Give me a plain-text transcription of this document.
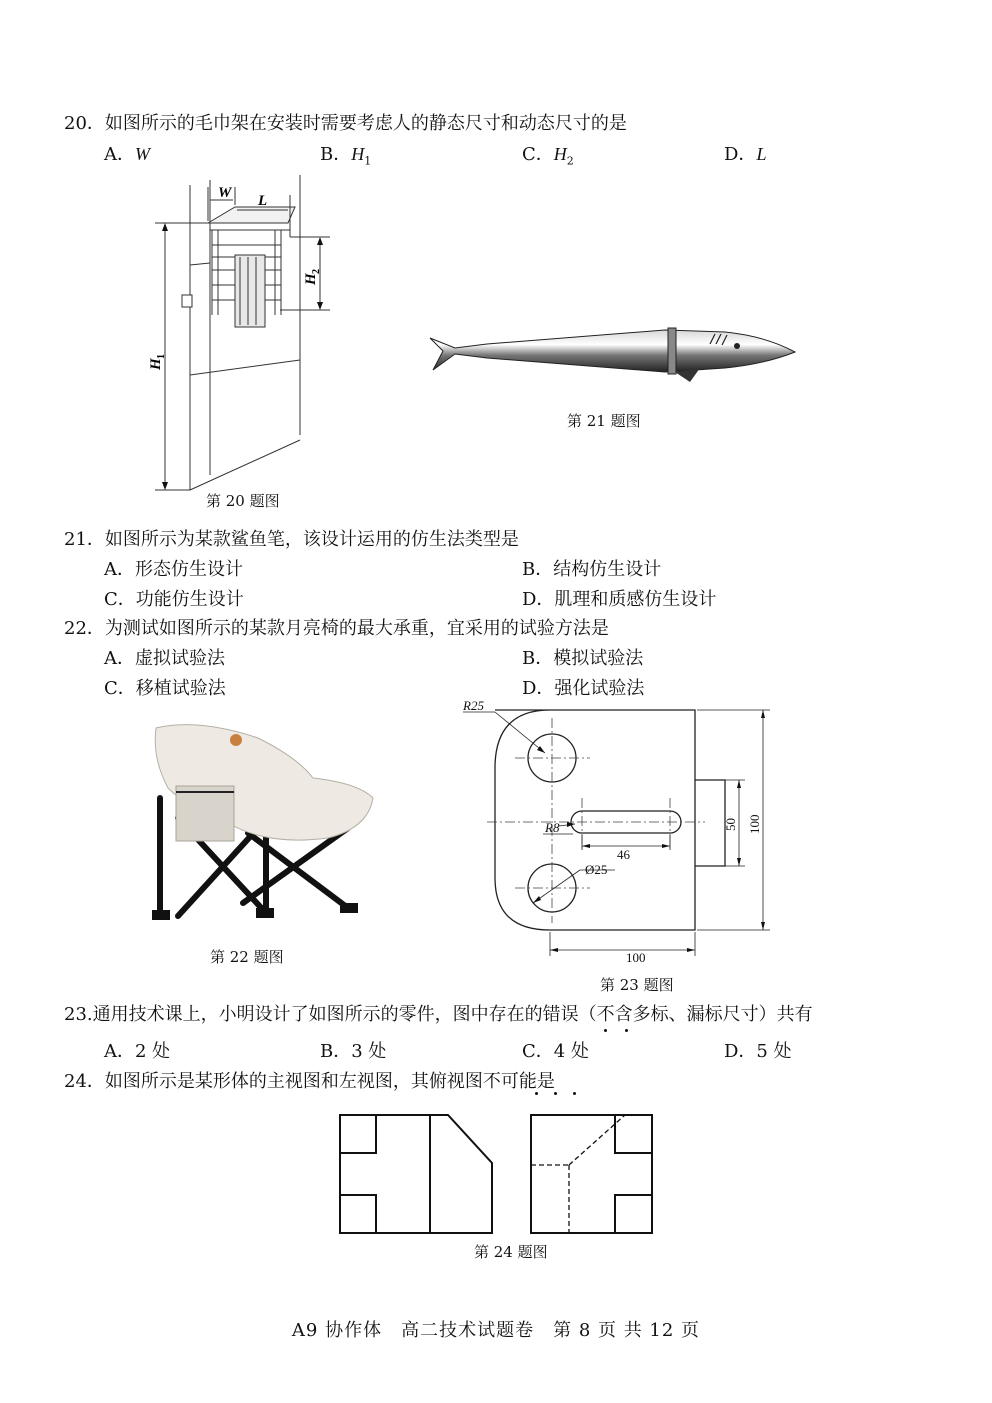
20．如图所示的毛巾架在安装时需要考虑人的静态尺寸和动态尺寸的是
A．W	B．$H_1$	C．$H_2$	D．L
W L
H
1
H
2
第 20 题图
第 21 题图
21．如图所示为某款鲨鱼笔，该设计运用的仿生法类型是
A．形态仿生设计	B．结构仿生设计
C．功能仿生设计	D．肌理和质感仿生设计
22．为测试如图所示的某款月亮椅的最大承重，宜采用的试验方法是
A．虚拟试验法	B．模拟试验法
C．移植试验法	D．强化试验法
第 22 题图
R25
R8
46
Ø25
100
50 100
第 23 题图
23.通用技术课上，小明设计了如图所示的零件，图中存在的错误（不含多标、漏标尺寸）共有
A．2 处	B．3 处	C．4 处	D．5 处
24．如图所示是某形体的主视图和左视图，其俯视图不可能是
第 24 题图
A9 协作体　高二技术试题卷　第 8 页 共 12 页
